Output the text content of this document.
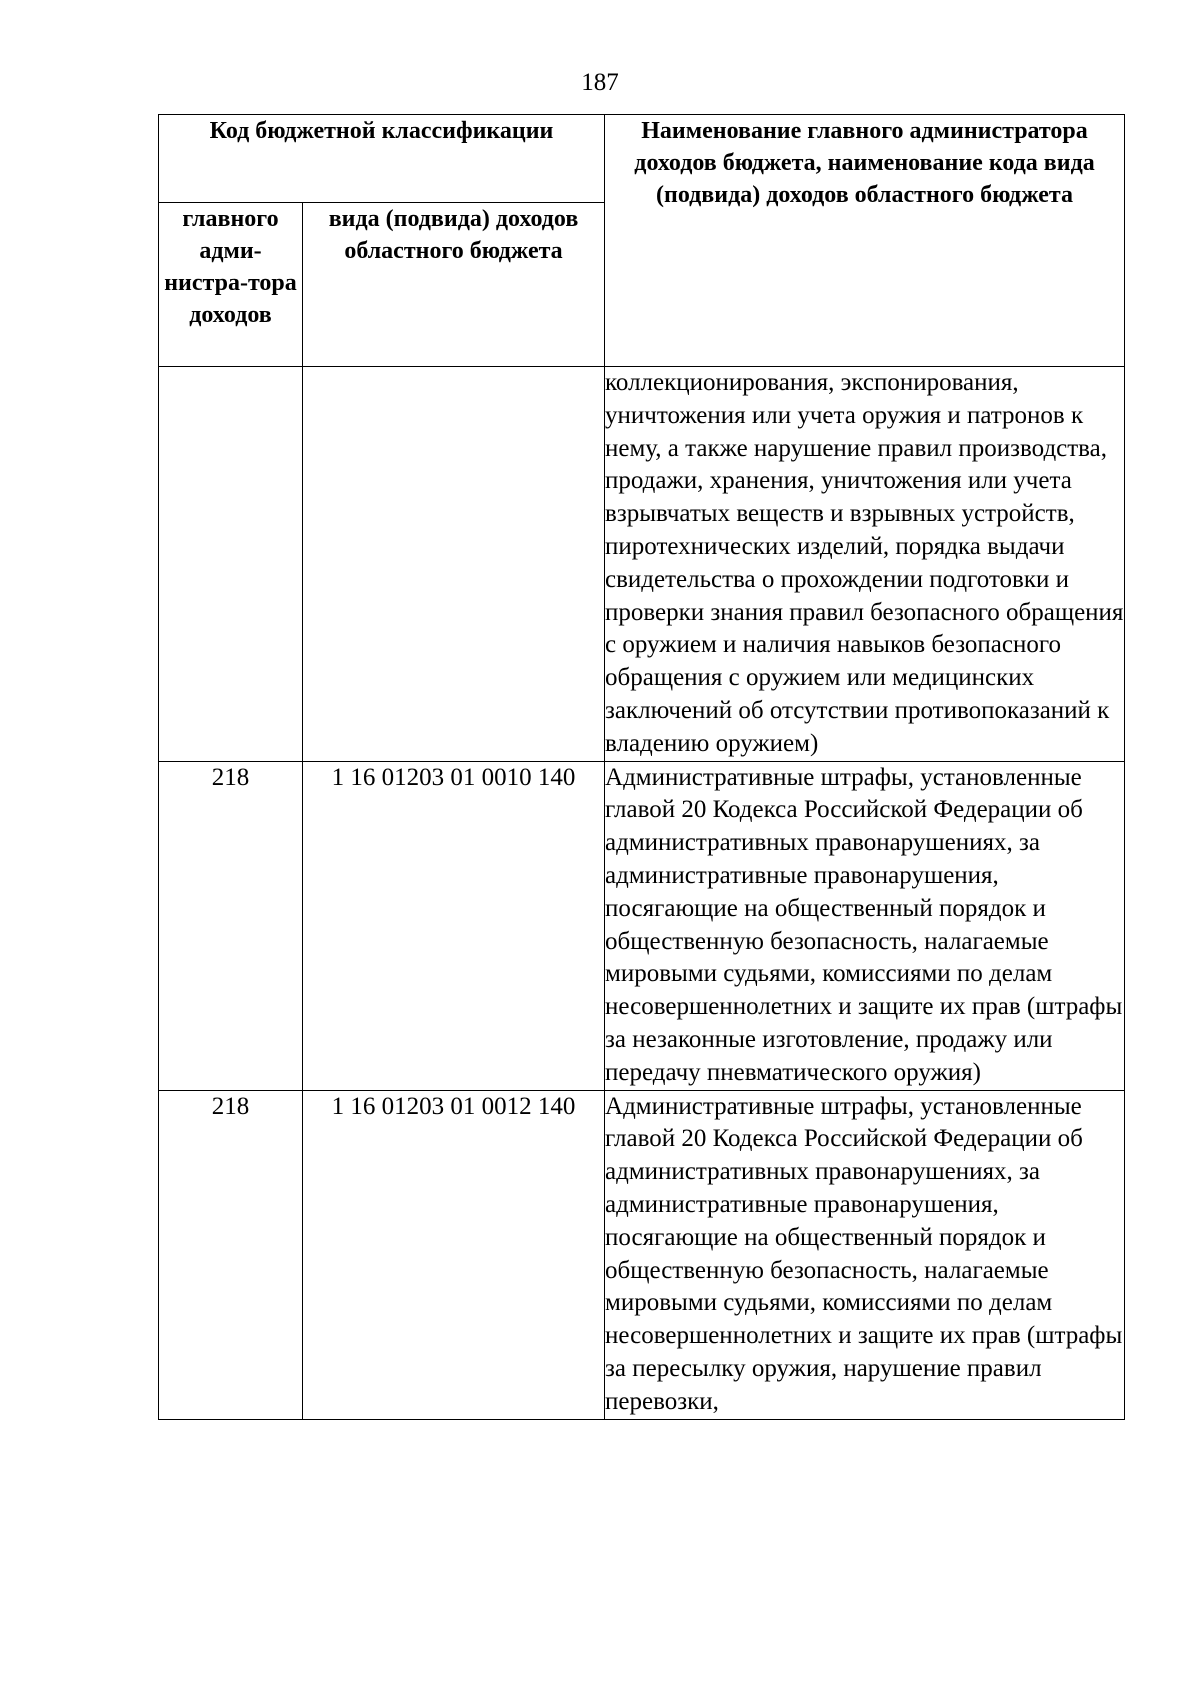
187
Код бюджетной классификации		Наименование главного администратора доходов бюджета, наименование кода вида (подвида) доходов областного бюджета
главного адми-нистра-тора доходов	вида (подвида) доходов областного бюджета	
		коллекционирования, экспонирования, уничтожения или учета оружия и патронов к нему, а также нарушение правил производства, продажи, хранения, уничтожения или учета взрывчатых веществ и взрывных устройств, пиротехнических изделий, порядка выдачи свидетельства о прохождении подготовки и проверки знания правил безопасного обращения с оружием и наличия навыков безопасного обращения с оружием или медицинских заключений об отсутствии противопоказаний к владению оружием)
218	1 16 01203 01 0010 140	Административные штрафы, установленные главой 20 Кодекса Российской Федерации об административных правонарушениях, за административные правонарушения, посягающие на общественный порядок и общественную безопасность, налагаемые мировыми судьями, комиссиями по делам несовершеннолетних и защите их прав (штрафы за незаконные изготовление, продажу или передачу пневматического оружия)
218	1 16 01203 01 0012 140	Административные штрафы, установленные главой 20 Кодекса Российской Федерации об административных правонарушениях, за административные правонарушения, посягающие на общественный порядок и общественную безопасность, налагаемые мировыми судьями, комиссиями по делам несовершеннолетних и защите их прав (штрафы за пересылку оружия, нарушение правил перевозки,
